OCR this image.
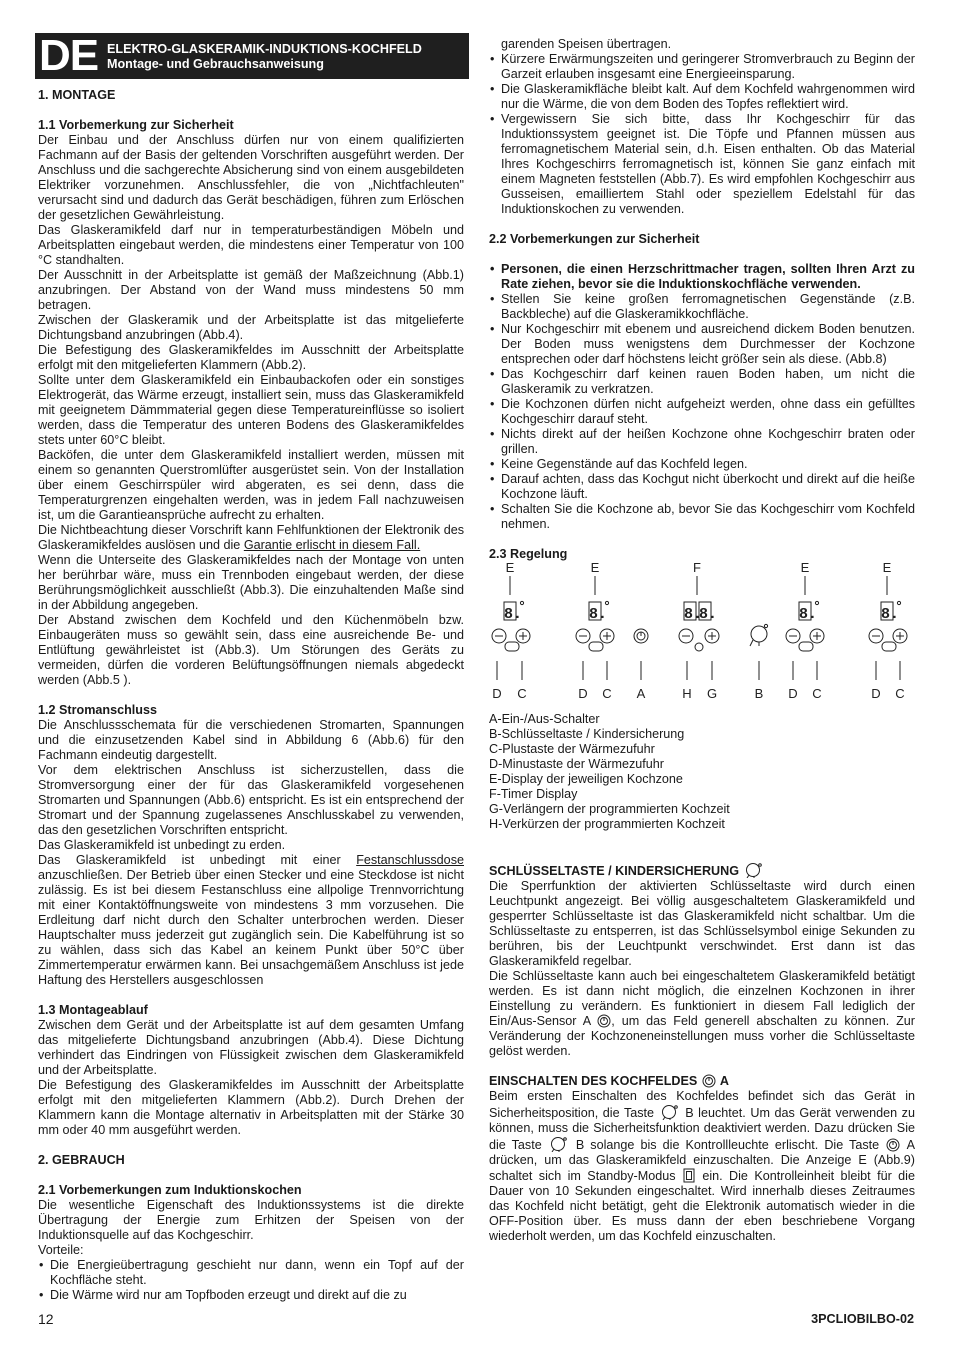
DE ELEKTRO-GLASKERAMIK-INDUKTIONS-KOCHFELD
Montage- und Gebrauchsanweisung
1. MONTAGE
1.1 Vorbemerkung zur Sicherheit

Der Einbau und der Anschluss dürfen nur von einem qualifizierten Fachmann auf der Basis der geltenden Vorschriften ausgeführt werden. Der Anschluss und die sachgerechte Absicherung sind von einem ausgebildeten Elektriker vorzunehmen. Anschlussfehler, die von „Nichtfachleuten" verursacht sind und dadurch das Gerät beschädigen, führen zum Erlöschen der gesetzlichen Gewährleistung.

Das Glaskeramikfeld darf nur in temperaturbeständigen Möbeln und Arbeitsplatten eingebaut werden, die mindestens einer Temperatur von 100 °C standhalten.

Der Ausschnitt in der Arbeitsplatte ist gemäß der Maßzeichnung (Abb.1) anzubringen. Der Abstand von der Wand muss mindestens 50 mm betragen.

Zwischen der Glaskeramik und der Arbeitsplatte ist das mitgelieferte Dichtungsband anzubringen (Abb.4).

Die Befestigung des Glaskeramikfeldes im Ausschnitt der Arbeitsplatte erfolgt mit den mitgelieferten Klammern (Abb.2).

Sollte unter dem Glaskeramikfeld ein Einbaubackofen oder ein sonstiges Elektrogerät, das Wärme erzeugt, installiert sein, muss das Glaskeramikfeld mit geeignetem Dämmmaterial gegen diese Temperatureinflüsse so isoliert werden, dass die Temperatur des unteren Bodens des Glaskeramikfeldes stets unter 60°C bleibt.

Backöfen, die unter dem Glaskeramikfeld installiert werden, müssen mit einem so genannten Querstromlüfter ausgerüstet sein. Von der Installation über einem Geschirrspüler wird abgeraten, es sei denn, dass die Temperaturgrenzen eingehalten werden, was in jedem Fall nachzuweisen ist, um die Garantieansprüche aufrecht zu erhalten.

Die Nichtbeachtung dieser Vorschrift kann Fehlfunktionen der Elektronik des Glaskeramikfeldes auslösen und die Garantie erlischt in diesem Fall.

Wenn die Unterseite des Glaskeramikfeldes nach der Montage von unten her berührbar wäre, muss ein Trennboden eingebaut werden, der diese Berührungsmöglichkeit ausschließt (Abb.3). Die einzuhaltenden Maße sind in der Abbildung angegeben.

Der Abstand zwischen dem Kochfeld und den Küchenmöbeln bzw. Einbaugeräten muss so gewählt sein, dass eine ausreichende Be- und Entlüftung gewährleistet ist (Abb.3). Um Störungen des Geräts zu vermeiden, dürfen die vorderen Belüftungsöffnungen niemals abgedeckt werden (Abb.5 ).

1.2 Stromanschluss

Die Anschlussschemata für die verschiedenen Stromarten, Spannungen und die einzusetzenden Kabel sind in Abbildung 6 (Abb.6) für den Fachmann eindeutig dargestellt.

Vor dem elektrischen Anschluss ist sicherzustellen, dass die Stromversorgung einer der für das Glaskeramikfeld vorgesehenen Stromarten und Spannungen (Abb.6) entspricht. Es ist ein entsprechend der Stromart und der Spannung zugelassenes Anschlusskabel zu verwenden, das den gesetzlichen Vorschriften entspricht.

Das Glaskeramikfeld ist unbedingt zu erden.

Das Glaskeramikfeld ist unbedingt mit einer Festanschlussdose anzuschließen. Der Betrieb über einen Stecker und eine Steckdose ist nicht zulässig. Es ist bei diesem Festanschluss eine allpolige Trennvorrichtung mit einer Kontaktöffnungsweite von mindestens 3 mm vorzusehen. Die Erdleitung darf nicht durch den Schalter unterbrochen werden. Dieser Hauptschalter muss jederzeit gut zugänglich sein. Die Kabelführung ist so zu wählen, dass sich das Kabel an keinem Punkt über 50°C über Zimmertemperatur erwärmen kann. Bei unsachgemäßem Anschluss ist jede Haftung des Herstellers ausgeschlossen

1.3 Montageablauf

Zwischen dem Gerät und der Arbeitsplatte ist auf dem gesamten Umfang das mitgelieferte Dichtungsband anzubringen (Abb.4). Diese Dichtung verhindert das Eindringen von Flüssigkeit zwischen dem Glaskeramikfeld und der Arbeitsplatte.

Die Befestigung des Glaskeramikfeldes im Ausschnitt der Arbeitsplatte erfolgt mit den mitgelieferten Klammern (Abb.2). Durch Drehen der Klammern kann die Montage alternativ in Arbeitsplatten mit der Stärke 30 mm oder 40 mm ausgeführt werden.

2. GEBRAUCH
2.1 Vorbemerkungen zum Induktionskochen

Die wesentliche Eigenschaft des Induktionssystems ist die direkte Übertragung der Energie zum Erhitzen der Speisen von der Induktionsquelle auf das Kochgeschirr.

Vorteile:

• Die Energieübertragung geschieht nur dann, wenn ein Topf auf der Kochfläche steht.
• Die Wärme wird nur am Topfboden erzeugt und direkt auf die zu
garenden Speisen übertragen.
• Kürzere Erwärmungszeiten und geringerer Stromverbrauch zu Beginn der Garzeit erlauben insgesamt eine Energieeinsparung.
• Die Glaskeramikfläche bleibt kalt. Auf dem Kochfeld wahrgenommen wird nur die Wärme, die von dem Boden des Topfes reflektiert wird.
• Vergewissern Sie sich bitte, dass Ihr Kochgeschirr für das Induktionssystem geeignet ist. Die Töpfe und Pfannen müssen aus ferromagnetischem Material sein, d.h. Eisen enthalten. Ob das Material Ihres Kochgeschirrs ferromagnetisch ist, können Sie ganz einfach mit einem Magneten feststellen (Abb.7). Es wird empfohlen Kochgeschirr aus Gusseisen, emailliertem Stahl oder speziellem Edelstahl für das Induktionskochen zu verwenden.
2.2 Vorbemerkungen zur Sicherheit
• Personen, die einen Herzschrittmacher tragen, sollten Ihren Arzt zu Rate ziehen, bevor sie die Induktionskochfläche verwenden.
• Stellen Sie keine großen ferromagnetischen Gegenstände (z.B. Backbleche) auf die Glaskeramikkochfläche.
• Nur Kochgeschirr mit ebenem und ausreichend dickem Boden benutzen. Der Boden muss wenigstens dem Durchmesser der Kochzone entsprechen oder darf höchstens leicht größer sein als diese. (Abb.8)
• Das Kochgeschirr darf keinen rauen Boden haben, um nicht die Glaskeramik zu verkratzen.
• Die Kochzonen dürfen nicht aufgeheizt werden, ohne dass ein gefülltes Kochgeschirr darauf steht.
• Nichts direkt auf der heißen Kochzone ohne Kochgeschirr braten oder grillen.
• Keine Gegenstände auf das Kochfeld legen.
• Darauf achten, dass das Kochgut nicht überkocht und direkt auf die heiße Kochzone läuft.
• Schalten Sie die Kochzone ab, bevor Sie das Kochgeschirr vom Kochfeld nehmen.
2.3 Regelung
8.	8.	8.
8.	8.	8.
E	E	F	E	E
D C	D C A	H G	B D C	D C
A-Ein-/Aus-Schalter
B-Schlüsseltaste / Kindersicherung
C-Plustaste der Wärmezufuhr
D-Minustaste der Wärmezufuhr
E-Display der jeweiligen Kochzone
F-Timer Display
G-Verlängern der programmierten Kochzeit
H-Verkürzen der programmierten Kochzeit
SCHLÜSSELTASTE / KINDERSICHERUNG

Die Sperrfunktion der aktivierten Schlüsseltaste wird durch einen Leuchtpunkt angezeigt. Bei völlig ausgeschaltetem Glaskeramikfeld und gesperrter Schlüsseltaste ist das Glaskeramikfeld nicht schaltbar. Um die Schlüsseltaste zu entsperren, ist das Schlüsselsymbol einige Sekunden zu berühren, bis der Leuchtpunkt verschwindet. Erst dann ist das Glaskeramikfeld regelbar.

Die Schlüsseltaste kann auch bei eingeschaltetem Glaskeramikfeld betätigt werden. Es ist dann nicht möglich, die einzelnen Kochzonen in ihrer Einstellung zu verändern. Es funktioniert in diesem Fall lediglich der Ein/Aus-Sensor A , um das Feld generell abschalten zu können. Zur Veränderung der Kochzoneneinstellungen muss vorher die Schlüsseltaste gelöst werden.

EINSCHALTEN DES KOCHFELDES  A

Beim ersten Einschalten des Kochfeldes befindet sich das Gerät in Sicherheitsposition, die Taste  B leuchtet. Um das Gerät verwenden zu können, muss die Sicherheitsfunktion deaktiviert werden. Dazu drücken Sie die Taste  B solange bis die Kontrollleuchte erlischt. Die Taste  A drücken, um das Glaskeramikfeld einzuschalten. Die Anzeige E (Abb.9) schaltet sich im Standby-Modus  ein. Die Kontrolleinheit bleibt für die Dauer von 10 Sekunden eingeschaltet. Wird innerhalb dieses Zeitraumes das Kochfeld nicht betätigt, geht die Elektronik automatisch wieder in die OFF-Position über. Es muss dann der eben beschriebene Vorgang wiederholt werden, um das Kochfeld einzuschalten.

12	3PCLIOBILBO-02
